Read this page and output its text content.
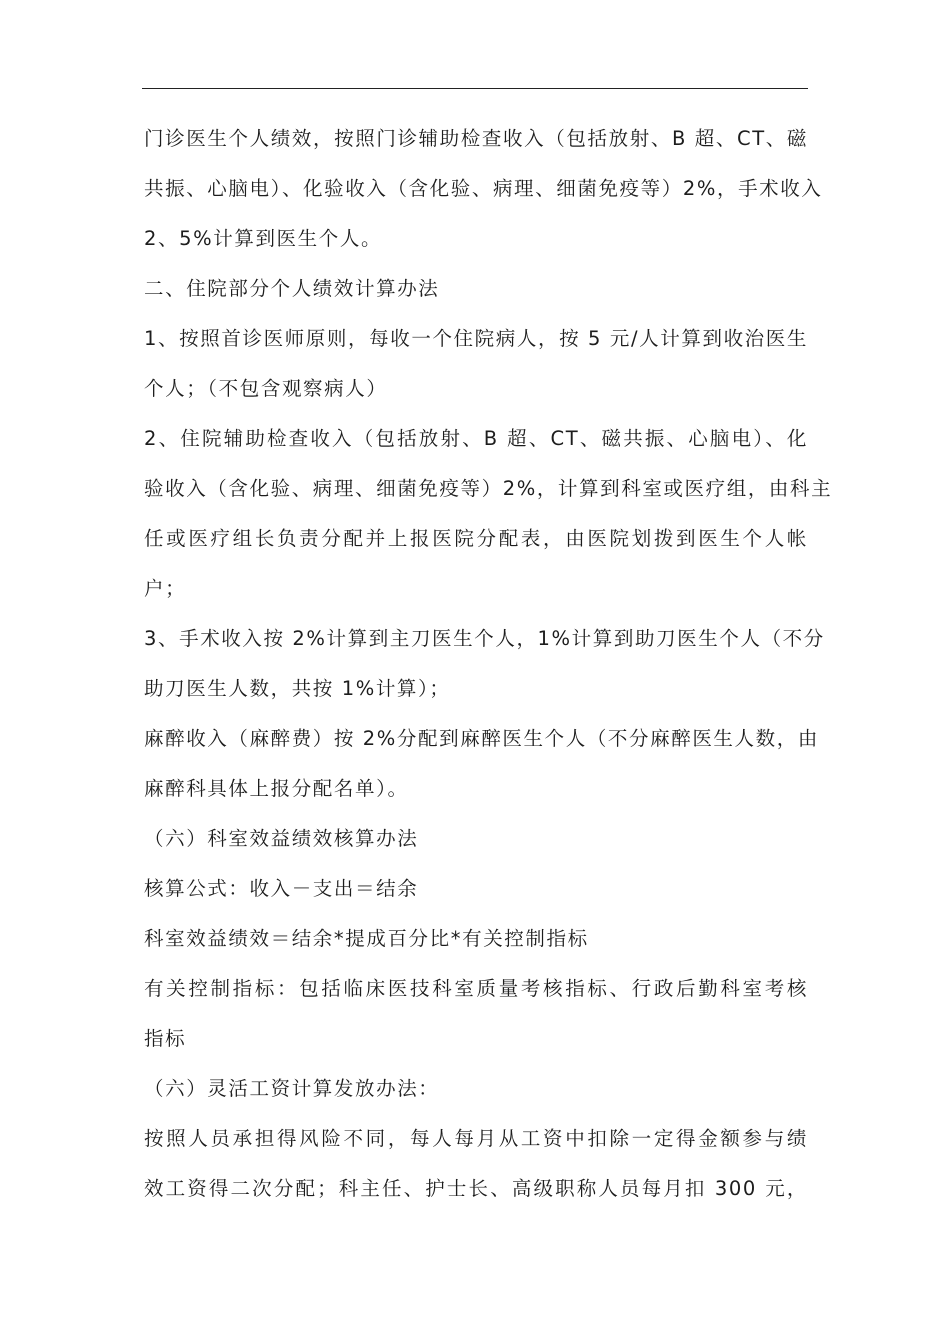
门诊医生个人绩效，按照门诊辅助检查收入（包括放射、B 超、CT、磁
共振、心脑电）、化验收入（含化验、病理、细菌免疫等）2%，手术收入
2、5%计算到医生个人。
二、住院部分个人绩效计算办法
1、按照首诊医师原则，每收一个住院病人，按 5 元/人计算到收治医生
个人；（不包含观察病人）
2、住院辅助检查收入（包括放射、B 超、CT、磁共振、心脑电）、化
验收入（含化验、病理、细菌免疫等）2%，计算到科室或医疗组，由科主
任或医疗组长负责分配并上报医院分配表，由医院划拨到医生个人帐
户；
3、手术收入按 2%计算到主刀医生个人，1%计算到助刀医生个人（不分
助刀医生人数，共按 1%计算）；
麻醉收入（麻醉费）按 2%分配到麻醉医生个人（不分麻醉医生人数，由
麻醉科具体上报分配名单）。
（六）科室效益绩效核算办法
核算公式：收入－支出＝结余
科室效益绩效＝结余*提成百分比*有关控制指标
有关控制指标：包括临床医技科室质量考核指标、行政后勤科室考核
指标
（六）灵活工资计算发放办法：
按照人员承担得风险不同，每人每月从工资中扣除一定得金额参与绩
效工资得二次分配；科主任、护士长、高级职称人员每月扣 300 元，
